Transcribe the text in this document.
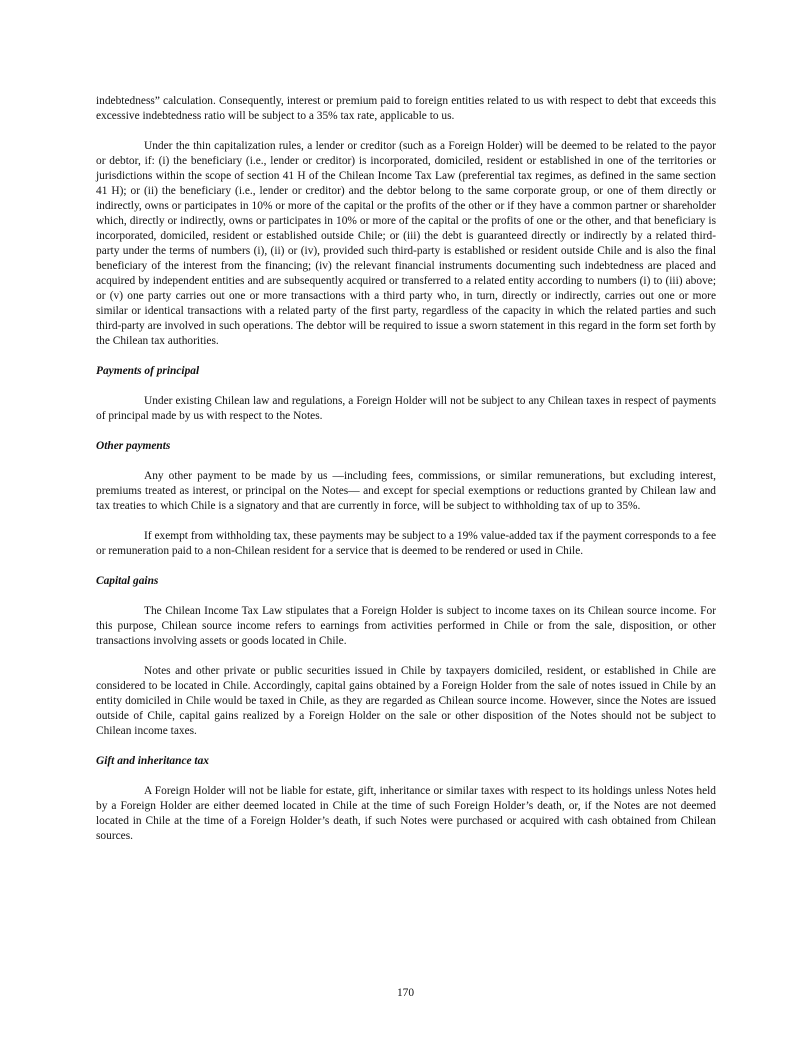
indebtedness” calculation. Consequently, interest or premium paid to foreign entities related to us with respect to debt that exceeds this excessive indebtedness ratio will be subject to a 35% tax rate, applicable to us.

Under the thin capitalization rules, a lender or creditor (such as a Foreign Holder) will be deemed to be related to the payor or debtor, if: (i) the beneficiary (i.e., lender or creditor) is incorporated, domiciled, resident or established in one of the territories or jurisdictions within the scope of section 41 H of the Chilean Income Tax Law (preferential tax regimes, as defined in the same section 41 H); or (ii) the beneficiary (i.e., lender or creditor) and the debtor belong to the same corporate group, or one of them directly or indirectly, owns or participates in 10% or more of the capital or the profits of the other or if they have a common partner or shareholder which, directly or indirectly, owns or participates in 10% or more of the capital or the profits of one or the other, and that beneficiary is incorporated, domiciled, resident or established outside Chile; or (iii) the debt is guaranteed directly or indirectly by a related third-party under the terms of numbers (i), (ii) or (iv), provided such third-party is established or resident outside Chile and is also the final beneficiary of the interest from the financing; (iv) the relevant financial instruments documenting such indebtedness are placed and acquired by independent entities and are subsequently acquired or transferred to a related entity according to numbers (i) to (iii) above; or (v) one party carries out one or more transactions with a third party who, in turn, directly or indirectly, carries out one or more similar or identical transactions with a related party of the first party, regardless of the capacity in which the related parties and such third-party are involved in such operations. The debtor will be required to issue a sworn statement in this regard in the form set forth by the Chilean tax authorities.

Payments of principal

Under existing Chilean law and regulations, a Foreign Holder will not be subject to any Chilean taxes in respect of payments of principal made by us with respect to the Notes.

Other payments

Any other payment to be made by us —including fees, commissions, or similar remunerations, but excluding interest, premiums treated as interest, or principal on the Notes— and except for special exemptions or reductions granted by Chilean law and tax treaties to which Chile is a signatory and that are currently in force, will be subject to withholding tax of up to 35%.

If exempt from withholding tax, these payments may be subject to a 19% value-added tax if the payment corresponds to a fee or remuneration paid to a non-Chilean resident for a service that is deemed to be rendered or used in Chile.

Capital gains

The Chilean Income Tax Law stipulates that a Foreign Holder is subject to income taxes on its Chilean source income. For this purpose, Chilean source income refers to earnings from activities performed in Chile or from the sale, disposition, or other transactions involving assets or goods located in Chile.

Notes and other private or public securities issued in Chile by taxpayers domiciled, resident, or established in Chile are considered to be located in Chile. Accordingly, capital gains obtained by a Foreign Holder from the sale of notes issued in Chile by an entity domiciled in Chile would be taxed in Chile, as they are regarded as Chilean source income. However, since the Notes are issued outside of Chile, capital gains realized by a Foreign Holder on the sale or other disposition of the Notes should not be subject to Chilean income taxes.

Gift and inheritance tax

A Foreign Holder will not be liable for estate, gift, inheritance or similar taxes with respect to its holdings unless Notes held by a Foreign Holder are either deemed located in Chile at the time of such Foreign Holder’s death, or, if the Notes are not deemed located in Chile at the time of a Foreign Holder’s death, if such Notes were purchased or acquired with cash obtained from Chilean sources.

170
